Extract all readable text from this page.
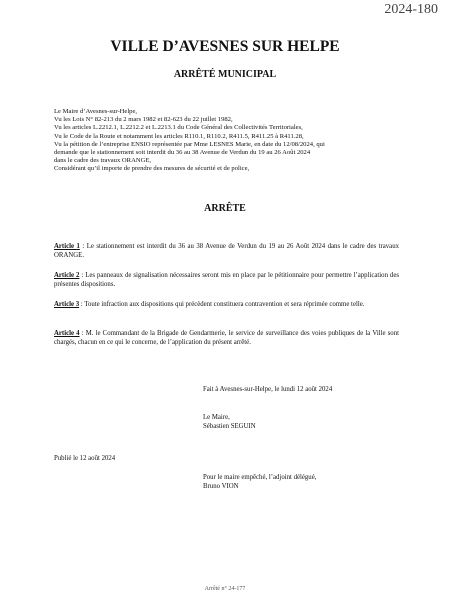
2024-180
VILLE D’AVESNES SUR HELPE
ARRÊTÉ MUNICIPAL
Le Maire d’Avesnes-sur-Helpe,
Vu les Lois N° 82-213 du 2 mars 1982 et 82-623 du 22 juillet 1982,
Vu les articles L.2212.1, L.2212.2 et L.2213.1 du Code Général des Collectivités Territoriales,
Vu le Code de la Route et notamment les articles R110.1, R110.2, R411.5, R411.25 à R411.28,
Vu la pétition de l’entreprise ENSIO représentée par Mme LESNES Marie, en date du 12/08/2024, qui
demande que le stationnement soit interdit du 36 au 38 Avenue de Verdun du 19 au 26 Août 2024
dans le cadre des travaux ORANGE,
Considérant qu’il importe de prendre des mesures de sécurité et de police,
ARRÊTE
Article 1 : Le stationnement est interdit du 36 au 38 Avenue de Verdun du 19 au 26 Août 2024 dans le cadre des travaux ORANGE.
Article 2 : Les panneaux de signalisation nécessaires seront mis en place par le pétitionnaire pour permettre l’application des présentes dispositions.
Article 3 : Toute infraction aux dispositions qui précèdent constituera contravention et sera réprimée comme telle.
Article 4 : M. le Commandant de la Brigade de Gendarmerie, le service de surveillance des voies publiques de la Ville sont chargés, chacun en ce qui le concerne, de l’application du présent arrêté.
Fait à Avesnes-sur-Helpe, le lundi 12 août 2024
Le Maire,
Sébastien SEGUIN
Publié le 12 août 2024
Pour le maire empêché, l’adjoint délégué,
Bruno VION
Arrêté n° 24-177
